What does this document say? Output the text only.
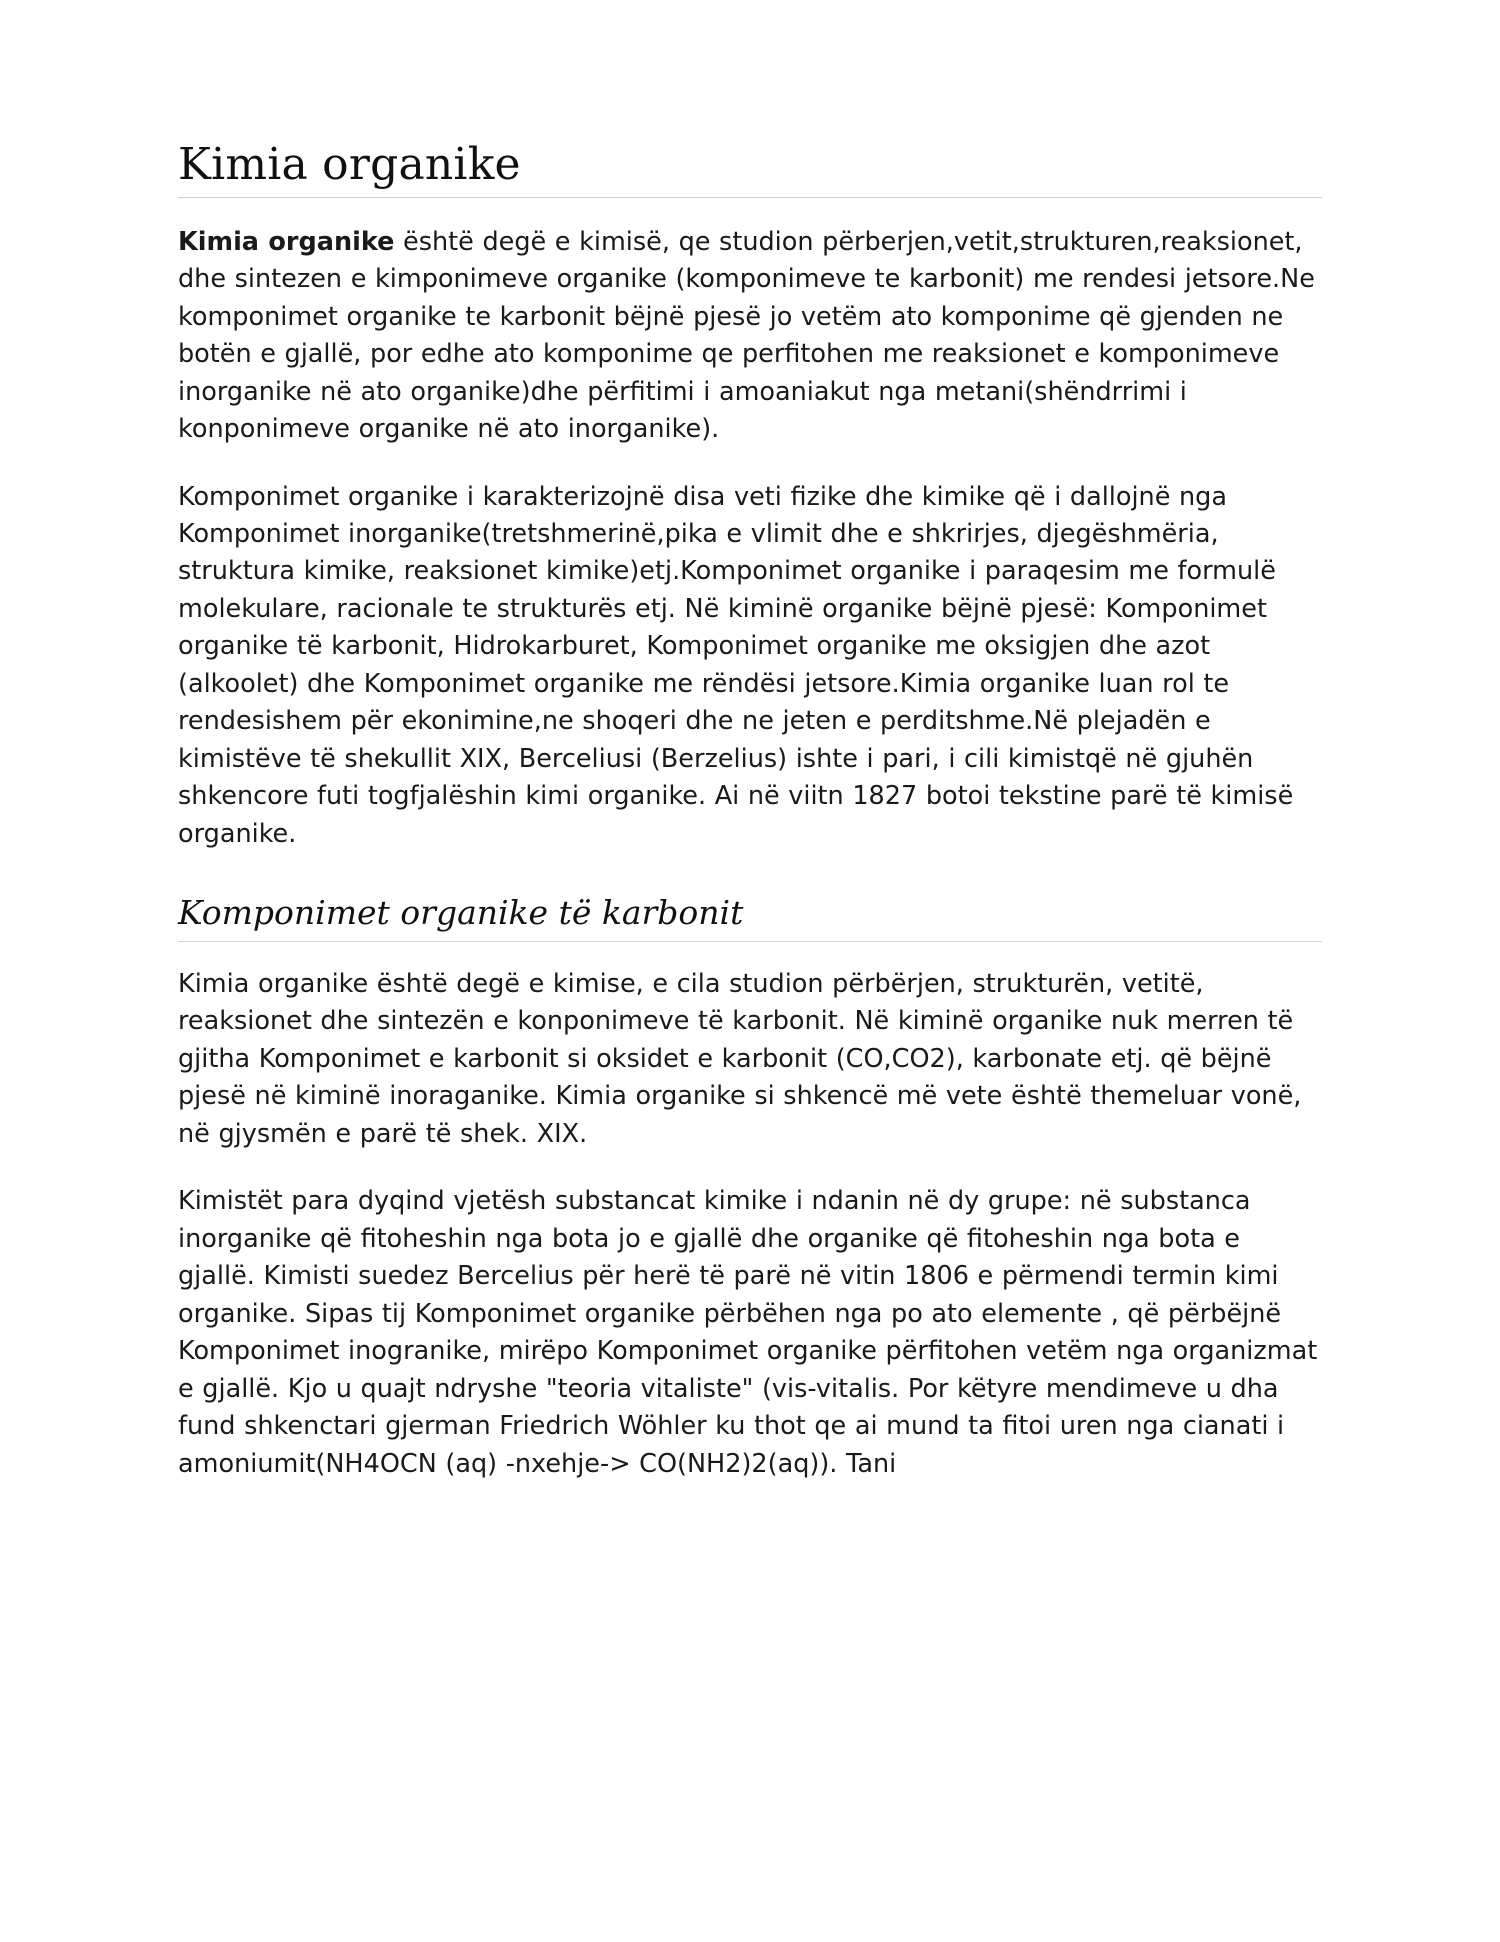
Kimia organike

Kimia organike është degë e kimisë, qe studion përberjen,vetit,strukturen,reaksionet, dhe sintezen e kimponimeve organike (komponimeve te karbonit) me rendesi jetsore.Ne komponimet organike te karbonit bëjnë pjesë jo vetëm ato komponime që gjenden ne botën e gjallë, por edhe ato komponime qe perfitohen me reaksionet e komponimeve inorganike në ato organike)dhe përfitimi i amoaniakut nga metani(shëndrrimi i konponimeve organike në ato inorganike).

Komponimet organike i karakterizojnë disa veti fizike dhe kimike që i dallojnë nga Komponimet inorganike(tretshmerinë,pika e vlimit dhe e shkrirjes, djegëshmëria, struktura kimike, reaksionet kimike)etj.Komponimet organike i paraqesim me formulë molekulare, racionale te strukturës etj. Në kiminë organike bëjnë pjesë: Komponimet organike të karbonit, Hidrokarburet, Komponimet organike me oksigjen dhe azot (alkoolet) dhe Komponimet organike me rëndësi jetsore.Kimia organike luan rol te rendesishem për ekonimine,ne shoqeri dhe ne jeten e perditshme.Në plejadën e kimistëve të shekullit XIX, Berceliusi (Berzelius) ishte i pari, i cili kimistqë në gjuhën shkencore futi togfjalëshin kimi organike. Ai në viitn 1827 botoi tekstine parë të kimisë organike.

Komponimet organike të karbonit

Kimia organike është degë e kimise, e cila studion përbërjen, strukturën, vetitë, reaksionet dhe sintezën e konponimeve të karbonit. Në kiminë organike nuk merren të gjitha Komponimet e karbonit si oksidet e karbonit (CO,CO2), karbonate etj. që bëjnë pjesë në kiminë inoraganike. Kimia organike si shkencë më vete është themeluar vonë, në gjysmën e parë të shek. XIX.

Kimistët para dyqind vjetësh substancat kimike i ndanin në dy grupe: në substanca inorganike që fitoheshin nga bota jo e gjallë dhe organike që fitoheshin nga bota e gjallë. Kimisti suedez Bercelius për herë të parë në vitin 1806 e përmendi termin kimi organike. Sipas tij Komponimet organike përbëhen nga po ato elemente , që përbëjnë Komponimet inogranike, mirëpo Komponimet organike përfitohen vetëm nga organizmat e gjallë. Kjo u quajt ndryshe "teoria vitaliste" (vis-vitalis. Por këtyre mendimeve u dha fund shkenctari gjerman Friedrich Wöhler ku thot qe ai mund ta fitoi uren nga cianati i amoniumit(NH4OCN (aq) -nxehje-> CO(NH2)2(aq)). Tani
